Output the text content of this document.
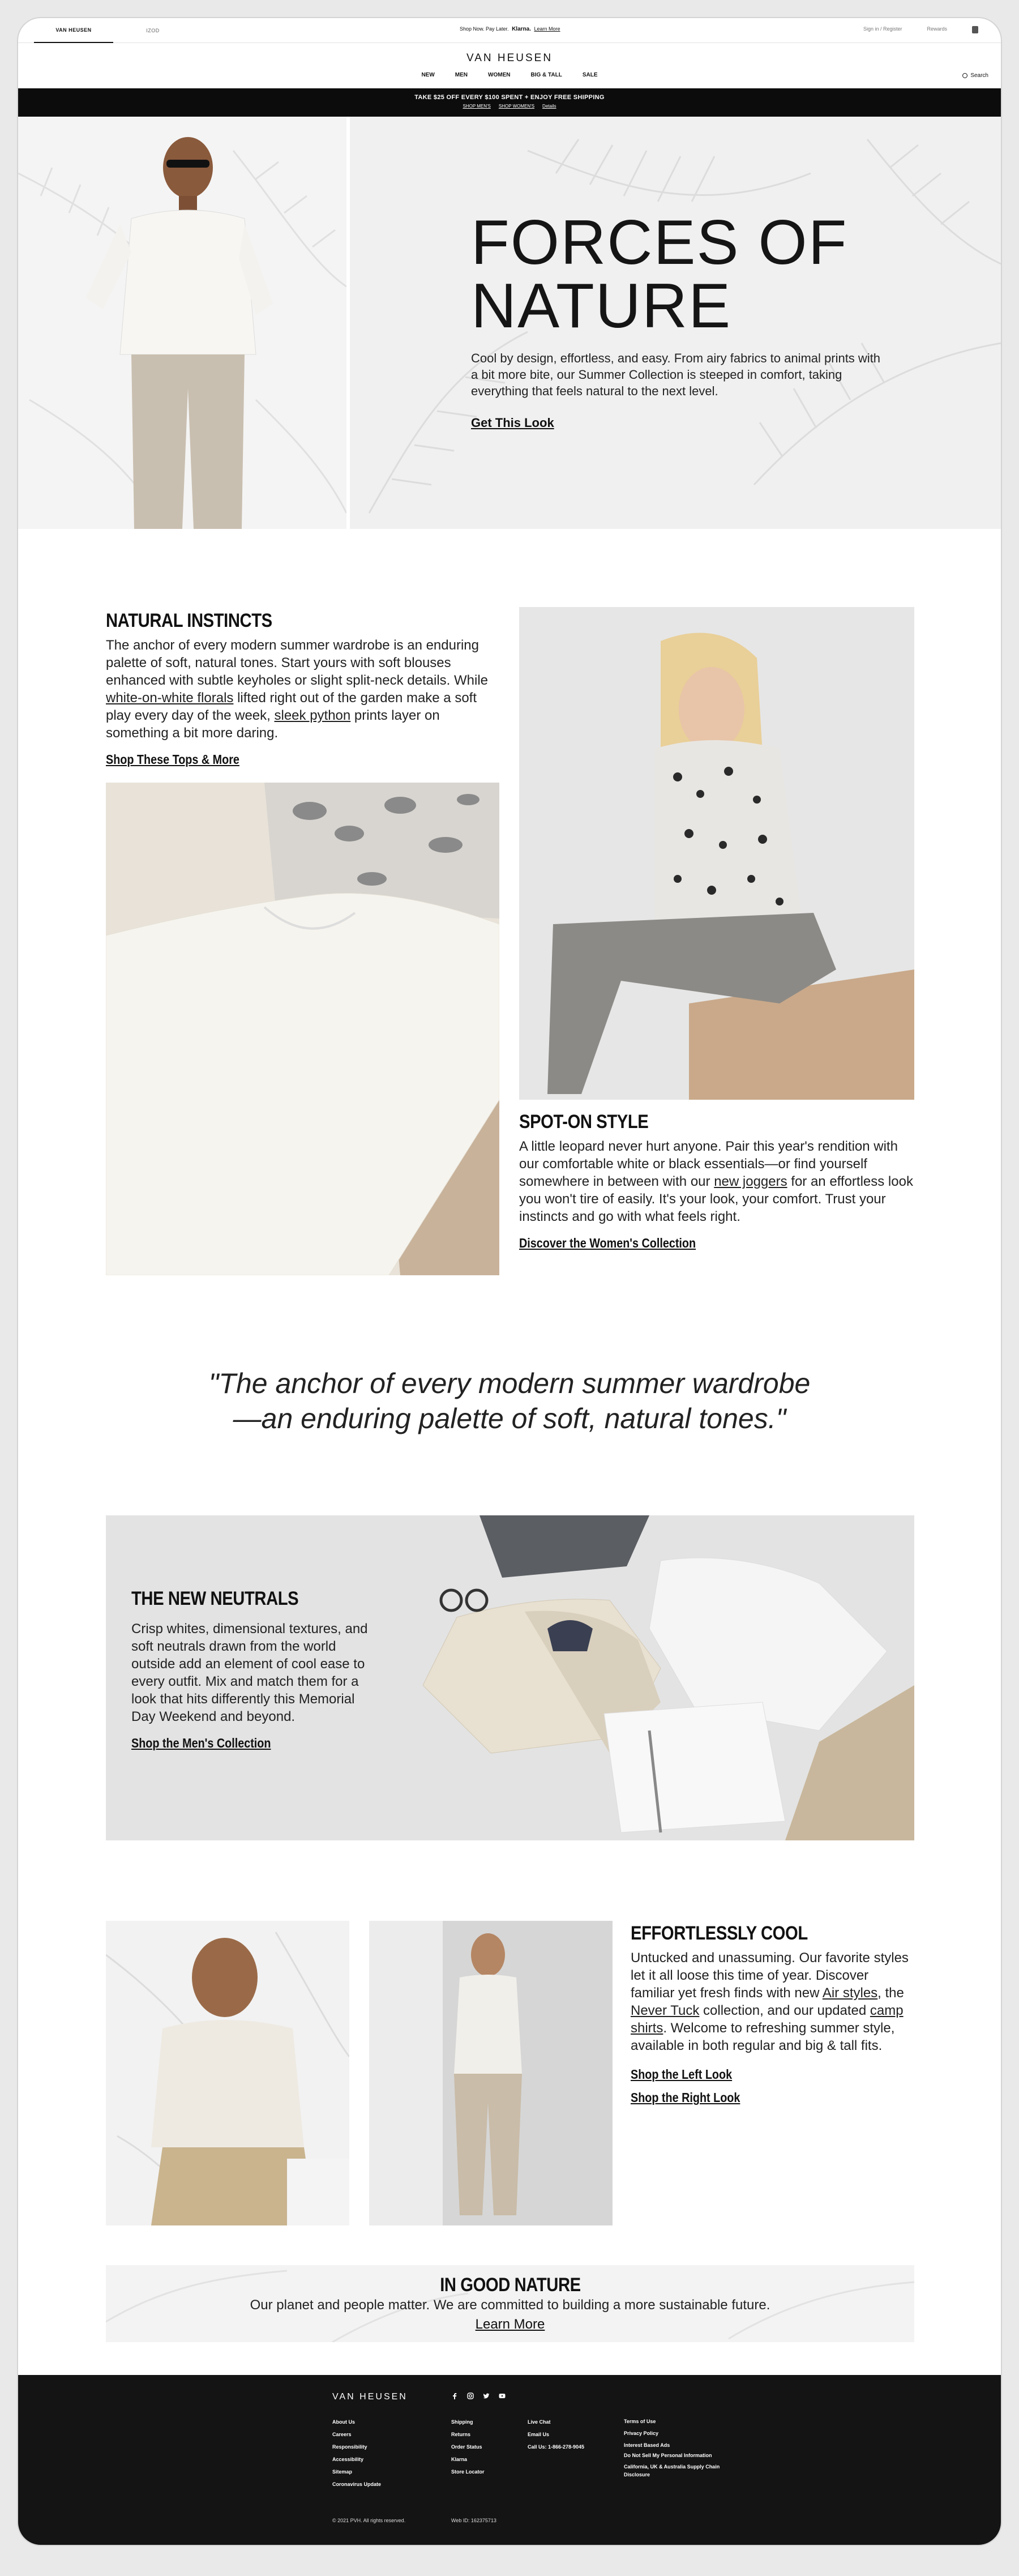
VAN HEUSEN	IZOD	Shop Now. Pay Later. Klarna. Learn More	Sign in / Register	Rewards
VAN HEUSEN
NEW	MEN	WOMEN	BIG & TALL	SALE	Search
TAKE $25 OFF EVERY $100 SPENT + ENJOY FREE SHIPPING
SHOP MEN'S SHOP WOMEN'S Details
FORCES OF
NATURE
Cool by design, effortless, and easy. From airy fabrics to animal prints with a bit more bite, our Summer Collection is steeped in comfort, taking everything that feels natural to the next level.
Get This Look
NATURAL INSTINCTS
The anchor of every modern summer wardrobe is an enduring palette of soft, natural tones. Start yours with soft blouses enhanced with subtle keyholes or slight split-neck details. While white-on-white florals lifted right out of the garden make a soft play every day of the week, sleek python prints layer on something a bit more daring.
Shop These Tops & More
SPOT-ON STYLE
A little leopard never hurt anyone. Pair this year's rendition with our comfortable white or black essentials—or find yourself somewhere in between with our new joggers for an effortless look you won't tire of easily. It's your look, your comfort. Trust your instincts and go with what feels right.
Discover the Women's Collection
"The anchor of every modern summer wardrobe
—an enduring palette of soft, natural tones."
THE NEW NEUTRALS
Crisp whites, dimensional textures, and soft neutrals drawn from the world outside add an element of cool ease to every outfit. Mix and match them for a look that hits differently this Memorial Day Weekend and beyond.
Shop the Men's Collection
EFFORTLESSLY COOL
Untucked and unassuming. Our favorite styles let it all loose this time of year. Discover familiar yet fresh finds with new Air styles, the Never Tuck collection, and our updated camp shirts. Welcome to refreshing summer style, available in both regular and big & tall fits.
Shop the Left Look
Shop the Right Look
IN GOOD NATURE
Our planet and people matter. We are committed to building a more sustainable future.
Learn More
VAN HEUSEN
About Us
Careers
Responsibility
Accessibility
Sitemap
Coronavirus Update
Shipping
Returns
Order Status
Klarna
Store Locator
Live Chat
Email Us
Call Us: 1-866-278-9045
Terms of Use
Privacy Policy
Interest Based Ads
Do Not Sell My Personal Information
California, UK & Australia Supply Chain Disclosure
© 2021 PVH. All rights reserved.	Web ID: 162375713
